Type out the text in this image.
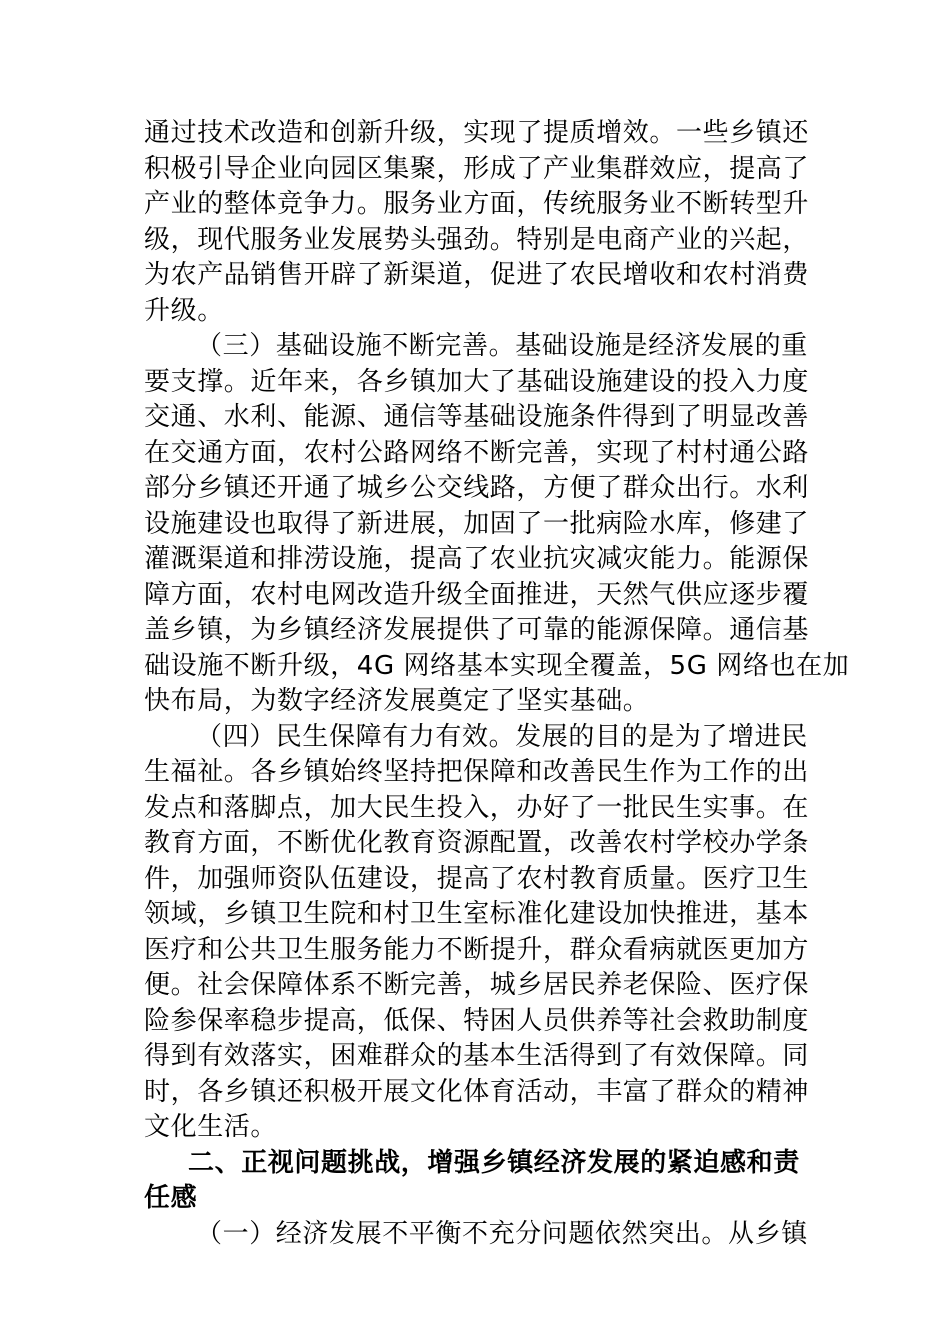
通过技术改造和创新升级，实现了提质增效。一些乡镇还
积极引导企业向园区集聚，形成了产业集群效应，提高了
产业的整体竞争力。服务业方面，传统服务业不断转型升
级，现代服务业发展势头强劲。特别是电商产业的兴起，
为农产品销售开辟了新渠道，促进了农民增收和农村消费
升级。
（三）基础设施不断完善。基础设施是经济发展的重
要支撑。近年来，各乡镇加大了基础设施建设的投入力度
交通、水利、能源、通信等基础设施条件得到了明显改善
在交通方面，农村公路网络不断完善，实现了村村通公路
部分乡镇还开通了城乡公交线路，方便了群众出行。水利
设施建设也取得了新进展，加固了一批病险水库，修建了
灌溉渠道和排涝设施，提高了农业抗灾减灾能力。能源保
障方面，农村电网改造升级全面推进，天然气供应逐步覆
盖乡镇，为乡镇经济发展提供了可靠的能源保障。通信基
础设施不断升级，4G 网络基本实现全覆盖，5G 网络也在加
快布局，为数字经济发展奠定了坚实基础。
（四）民生保障有力有效。发展的目的是为了增进民
生福祉。各乡镇始终坚持把保障和改善民生作为工作的出
发点和落脚点，加大民生投入，办好了一批民生实事。在
教育方面，不断优化教育资源配置，改善农村学校办学条
件，加强师资队伍建设，提高了农村教育质量。医疗卫生
领域，乡镇卫生院和村卫生室标准化建设加快推进，基本
医疗和公共卫生服务能力不断提升，群众看病就医更加方
便。社会保障体系不断完善，城乡居民养老保险、医疗保
险参保率稳步提高，低保、特困人员供养等社会救助制度
得到有效落实，困难群众的基本生活得到了有效保障。同
时，各乡镇还积极开展文化体育活动，丰富了群众的精神
文化生活。
二、正视问题挑战，增强乡镇经济发展的紧迫感和责
任感
（一）经济发展不平衡不充分问题依然突出。从乡镇
